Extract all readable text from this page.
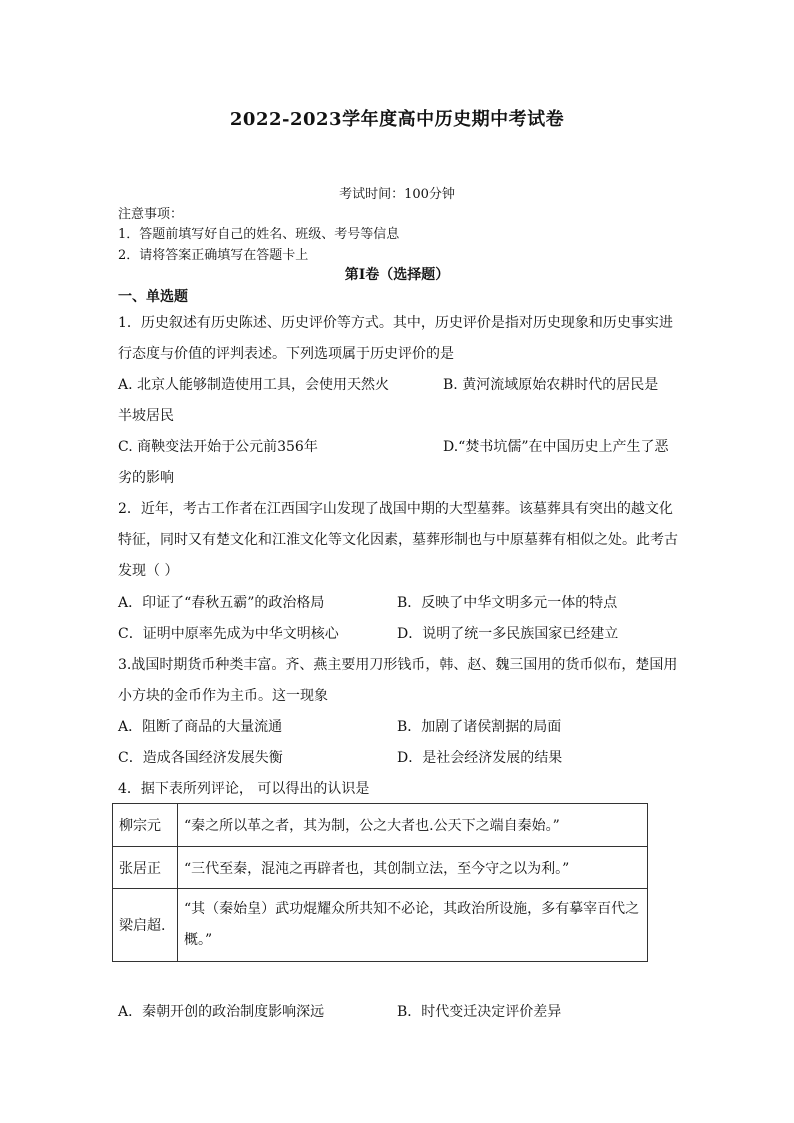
2022-2023学年度高中历史期中考试卷
考试时间：100分钟
注意事项：
1．答题前填写好自己的姓名、班级、考号等信息
2．请将答案正确填写在答题卡上
第I卷（选择题）
一、单选题
1．历史叙述有历史陈述、历史评价等方式。其中，历史评价是指对历史现象和历史事实进
行态度与价值的评判表述。下列选项属于历史评价的是
A. 北京人能够制造使用工具，会使用天然火	B. 黄河流域原始农耕时代的居民是
半坡居民
C. 商鞅变法开始于公元前356年	D.“焚书坑儒”在中国历史上产生了恶
劣的影响
2．近年，考古工作者在江西国字山发现了战国中期的大型墓葬。该墓葬具有突出的越文化
特征，同时又有楚文化和江淮文化等文化因素，墓葬形制也与中原墓葬有相似之处。此考古
发现（ ）
A．印证了“春秋五霸”的政治格局	B．反映了中华文明多元一体的特点
C．证明中原率先成为中华文明核心	D．说明了统一多民族国家已经建立
3.战国时期货币种类丰富。齐、燕主要用刀形钱币，韩、赵、魏三国用的货币似布，楚国用
小方块的金币作为主币。这一现象
A．阻断了商品的大量流通	B．加剧了诸侯割据的局面
C．造成各国经济发展失衡	D．是社会经济发展的结果
4．据下表所列评论， 可以得出的认识是
柳宗元	“秦之所以革之者，其为制，公之大者也.公天下之端自秦始。”
张居正	“三代至秦，混沌之再辟者也，其创制立法，至今守之以为利。”
梁启超.	“其（秦始皇）武功焜耀众所共知不必论，其政治所设施，多有摹宰百代之
概。”
A．秦朝开创的政治制度影响深远	B．时代变迁决定评价差异
